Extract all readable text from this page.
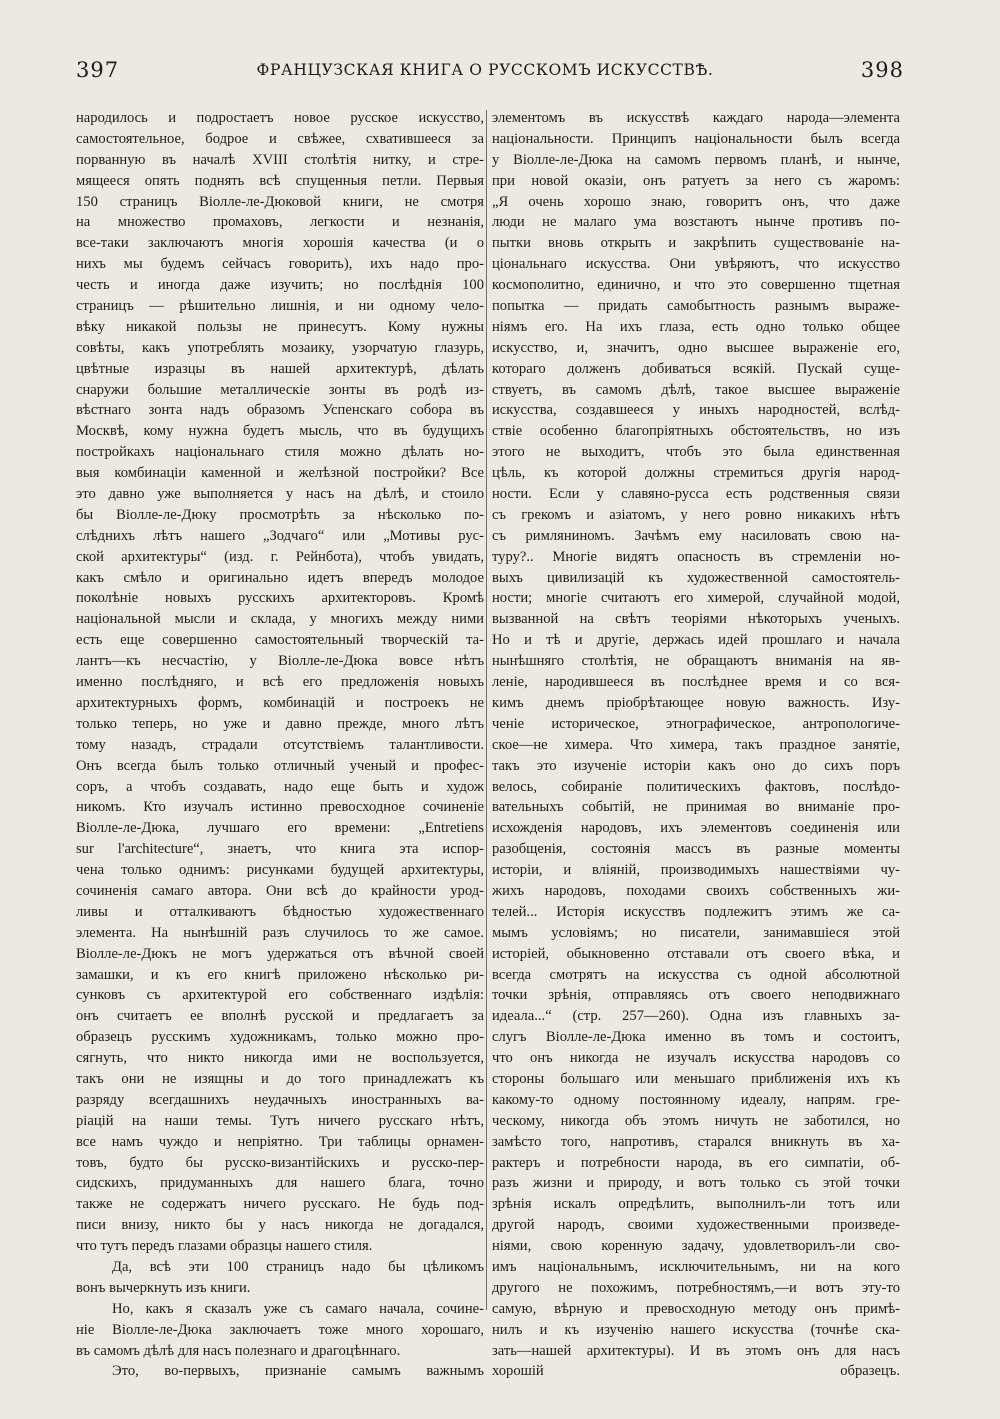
397	ФРАНЦУЗСКАЯ КНИГА О РУССКОМЪ ИСКУССТВѢ.	398
народилось и подростаетъ новое русское искусство,
самостоятельное, бодрое и свѣжее, схватившееся за
порванную въ началѣ XVIII столѣтія нитку, и стре-
мящееся опять поднять всѣ спущенныя петли. Первыя
150 страницъ Віолле-ле-Дюковой книги, не смотря
на множество промаховъ, легкости и незнанія,
все-таки заключаютъ многія хорошія качества (и о
нихъ мы будемъ сейчасъ говорить), ихъ надо про-
честь и иногда даже изучить; но послѣднія 100
страницъ — рѣшительно лишнія, и ни одному чело-
вѣку никакой пользы не принесутъ. Кому нужны
совѣты, какъ употреблять мозаику, узорчатую глазурь,
цвѣтные изразцы въ нашей архитектурѣ, дѣлать
снаружи большие металлическіе зонты въ родѣ из-
вѣстнаго зонта надъ образомъ Успенскаго собора въ
Москвѣ, кому нужна будетъ мысль, что въ будущихъ
постройкахъ національнаго стиля можно дѣлать но-
выя комбинаціи каменной и желѣзной постройки? Все
это давно уже выполняется у насъ на дѣлѣ, и стоило
бы Віолле-ле-Дюку просмотрѣть за нѣсколько по-
слѣднихъ лѣтъ нашего „Зодчаго“ или „Мотивы рус-
ской архитектуры“ (изд. г. Рейнбота), чтобъ увидать,
какъ смѣло и оригинально идетъ впередъ молодое
поколѣніе новыхъ русскихъ архитекторовъ. Кромѣ
національной мысли и склада, у многихъ между ними
есть еще совершенно самостоятельный творческій та-
лантъ—къ несчастію, у Віолле-ле-Дюка вовсе нѣтъ
именно послѣдняго, и всѣ его предложенія новыхъ
архитектурныхъ формъ, комбинацій и построекъ не
только теперь, но уже и давно прежде, много лѣтъ
тому назадъ, страдали отсутствіемъ талантливости.
Онъ всегда былъ только отличный ученый и профес-
соръ, а чтобъ создавать, надо еще быть и худож
никомъ. Кто изучалъ истинно превосходное сочиненіе
Віолле-ле-Дюка, лучшаго его времени: „Entretiens
sur l'architecture“, знаетъ, что книга эта испор-
чена только однимъ: рисунками будущей архитектуры,
сочиненія самаго автора. Они всѣ до крайности урод-
ливы и отталкиваютъ бѣдностью художественнаго
элемента. На нынѣшній разъ случилось то же самое.
Віолле-ле-Дюкъ не могъ удержаться отъ вѣчной своей
замашки, и къ его книгѣ приложено нѣсколько ри-
сунковъ съ архитектурой его собственнаго издѣлія:
онъ считаетъ ее вполнѣ русской и предлагаетъ за
образецъ русскимъ художникамъ, только можно про-
сягнуть, что никто никогда ими не воспользуется,
такъ они не изящны и до того принадлежатъ къ
разряду всегдашнихъ неудачныхъ иностранныхъ ва-
ріацій на наши темы. Тутъ ничего русскаго нѣтъ,
все намъ чуждо и непріятно. Три таблицы орнамен-
товъ, будто бы русско-византійскихъ и русско-пер-
сидскихъ, придуманныхъ для нашего блага, точно
также не содержатъ ничего русскаго. Не будь под-
писи внизу, никто бы у насъ никогда не догадался,
что тутъ передъ глазами образцы нашего стиля.
Да, всѣ эти 100 страницъ надо бы цѣликомъ
вонъ вычеркнуть изъ книги.
Но, какъ я сказалъ уже съ самаго начала, сочине-
ніе Віолле-ле-Дюка заключаетъ тоже много хорошаго,
въ самомъ дѣлѣ для насъ полезнаго и драгоцѣннаго.
Это, во-первыхъ, признаніе самымъ важнымъ
элементомъ въ искусствѣ каждаго народа—элемента
національности. Принципъ національности былъ всегда
у Віолле-ле-Дюка на самомъ первомъ планѣ, и нынче,
при новой оказіи, онъ ратуетъ за него съ жаромъ:
„Я очень хорошо знаю, говоритъ онъ, что даже
люди не малаго ума возстаютъ нынче противъ по-
пытки вновь открыть и закрѣпить существованіе на-
ціональнаго искусства. Они увѣряютъ, что искусство
космополитно, единично, и что это совершенно тщетная
попытка — придать самобытность разнымъ выраже-
ніямъ его. На ихъ глаза, есть одно только общее
искусство, и, значитъ, одно высшее выраженіе его,
котораго долженъ добиваться всякій. Пускай суще-
ствуетъ, въ самомъ дѣлѣ, такое высшее выраженіе
искусства, создавшееся у иныхъ народностей, вслѣд-
ствіе особенно благопріятныхъ обстоятельствъ, но изъ
этого не выходитъ, чтобъ это была единственная
цѣль, къ которой должны стремиться другія народ-
ности. Если у славяно-русса есть родственныя связи
съ грекомъ и азіатомъ, у него ровно никакихъ нѣтъ
съ римляниномъ. Зачѣмъ ему насиловать свою на-
туру?.. Многіе видятъ опасность въ стремленіи но-
выхъ цивилизацій къ художественной самостоятель-
ности; многіе считаютъ его химерой, случайной модой,
вызванной на свѣтъ теоріями нѣкоторыхъ ученыхъ.
Но и тѣ и другіе, держась идей прошлаго и начала
нынѣшняго столѣтія, не обращаютъ вниманія на яв-
леніе, народившееся въ послѣднее время и со вся-
кимъ днемъ пріобрѣтающее новую важность. Изу-
ченіе историческое, этнографическое, антропологиче-
ское—не химера. Что химера, такъ праздное занятіе,
такъ это изученіе исторіи какъ оно до сихъ поръ
велось, собираніе политическихъ фактовъ, послѣдо-
вательныхъ событій, не принимая во вниманіе про-
исхожденія народовъ, ихъ элементовъ соединенія или
разобщенія, состоянія массъ въ разные моменты
исторіи, и вліяній, производимыхъ нашествіями чу-
жихъ народовъ, походами своихъ собственныхъ жи-
телей... Исторія искусствъ подлежитъ этимъ же са-
мымъ условіямъ; но писатели, занимавшіеся этой
исторіей, обыкновенно отставали отъ своего вѣка, и
всегда смотрятъ на искусства съ одной абсолютной
точки зрѣнія, отправляясь отъ своего неподвижнаго
идеала...“ (стр. 257—260). Одна изъ главныхъ за-
слугъ Віолле-ле-Дюка именно въ томъ и состоитъ,
что онъ никогда не изучалъ искусства народовъ со
стороны большаго или меньшаго приближенія ихъ къ
какому-то одному постоянному идеалу, напрям. гре-
ческому, никогда объ этомъ ничуть не заботился, но
замѣсто того, напротивъ, старался вникнуть въ ха-
рактеръ и потребности народа, въ его симпатіи, об-
разъ жизни и природу, и вотъ только съ этой точки
зрѣнія искалъ опредѣлить, выполнилъ-ли тотъ или
другой народъ, своими художественными произведе-
ніями, свою коренную задачу, удовлетворилъ-ли сво-
имъ національнымъ, исключительнымъ, ни на кого
другого не похожимъ, потребностямъ,—и вотъ эту-то
самую, вѣрную и превосходную методу онъ примѣ-
нилъ и къ изученію нашего искусства (точнѣе ска-
зать—нашей архитектуры). И въ этомъ онъ для насъ
хорошій образецъ.
